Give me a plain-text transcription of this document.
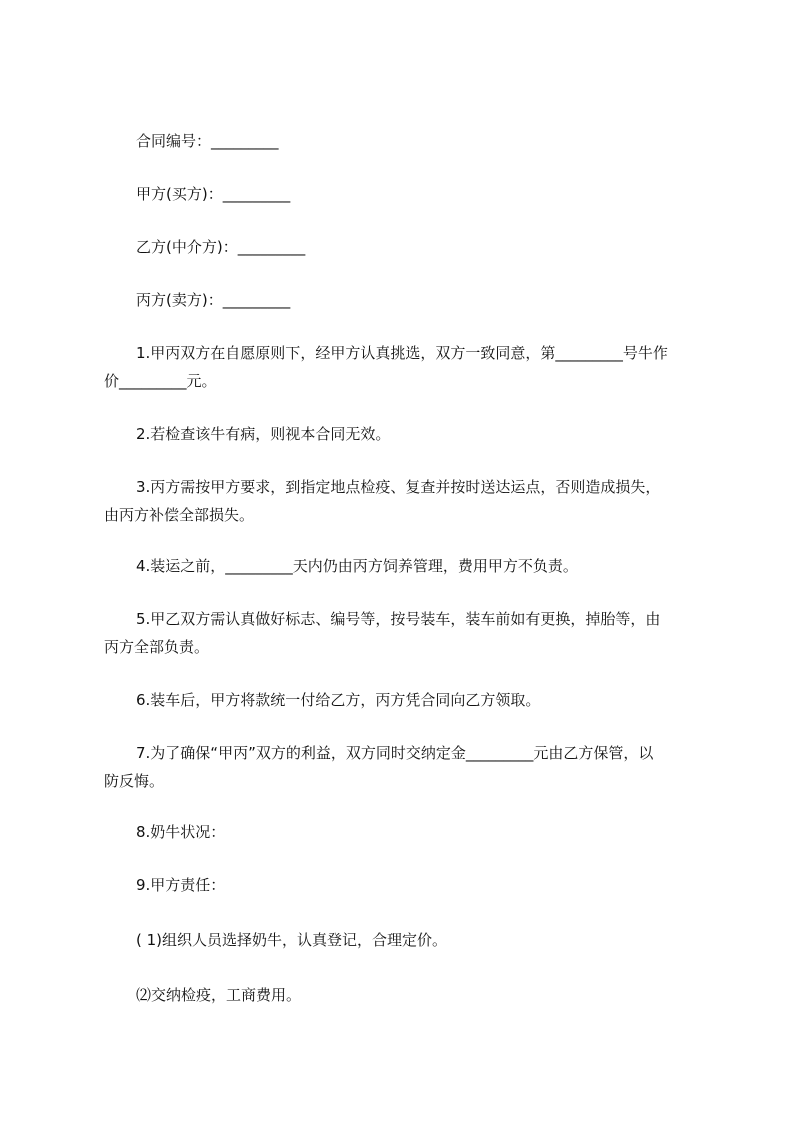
合同编号：_________
甲方(买方)：_________
乙方(中介方)：_________
丙方(卖方)：_________
1.甲丙双方在自愿原则下，经甲方认真挑选，双方一致同意，第_________号牛作
价_________元。
2.若检查该牛有病，则视本合同无效。
3.丙方需按甲方要求，到指定地点检疫、复查并按时送达运点，否则造成损失，
由丙方补偿全部损失。
4.装运之前，_________天内仍由丙方饲养管理，费用甲方不负责。
5.甲乙双方需认真做好标志、编号等，按号装车，装车前如有更换，掉胎等，由
丙方全部负责。
6.装车后，甲方将款统一付给乙方，丙方凭合同向乙方领取。
7.为了确保“甲丙”双方的利益，双方同时交纳定金_________元由乙方保管，以
防反悔。
8.奶牛状况：
9.甲方责任：
( 1)组织人员选择奶牛，认真登记，合理定价。
⑵交纳检疫，工商费用。
